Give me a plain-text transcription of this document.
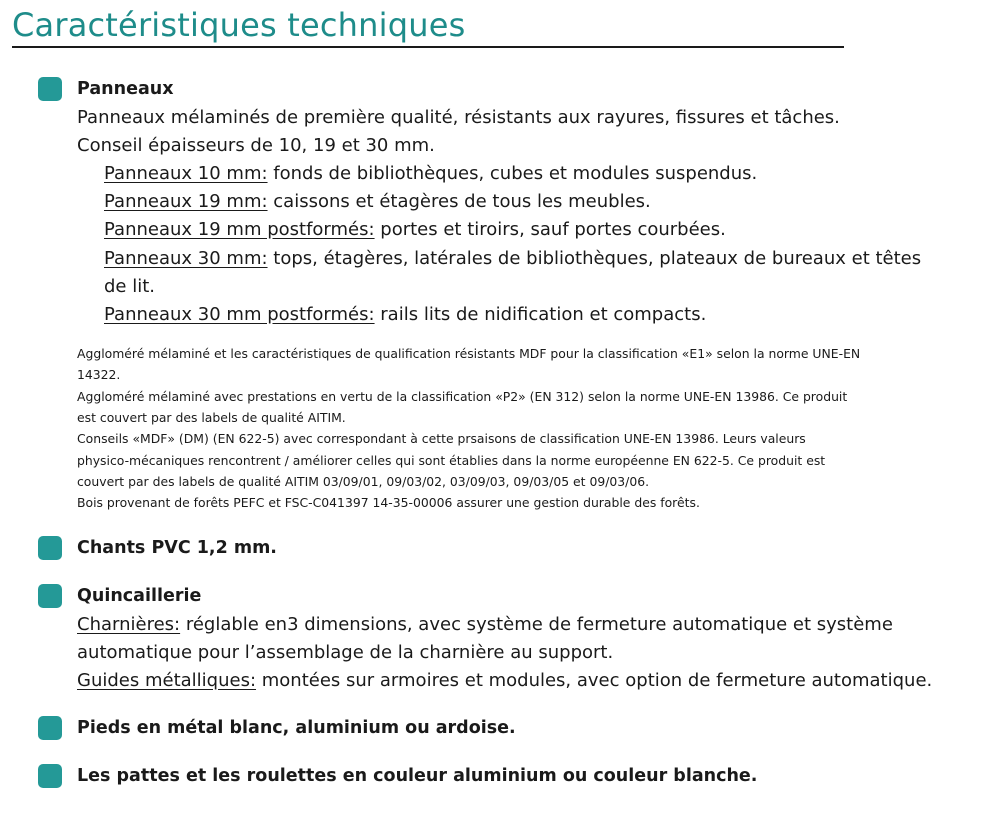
Caractéristiques techniques
Panneaux
Panneaux mélaminés de première qualité, résistants aux rayures, fissures et tâches.
Conseil épaisseurs de 10, 19 et 30 mm.
Panneaux 10 mm: fonds de bibliothèques, cubes et modules suspendus.
Panneaux 19 mm: caissons et étagères de tous les meubles.
Panneaux 19 mm postformés: portes et tiroirs, sauf portes courbées.
Panneaux 30 mm: tops, étagères, latérales de bibliothèques, plateaux de bureaux et têtes
de lit.
Panneaux 30 mm postformés: rails lits de nidification et compacts.
Aggloméré mélaminé et les caractéristiques de qualification résistants MDF pour la classification «E1» selon la norme UNE-EN
14322.
Aggloméré mélaminé avec prestations en vertu de la classification «P2» (EN 312) selon la norme UNE-EN 13986. Ce produit
est couvert par des labels de qualité AITIM.
Conseils «MDF» (DM) (EN 622-5) avec correspondant à cette prsaisons de classification UNE-EN 13986. Leurs valeurs
physico-mécaniques rencontrent / améliorer celles qui sont établies dans la norme européenne EN 622-5. Ce produit est
couvert par des labels de qualité AITIM 03/09/01, 09/03/02, 03/09/03, 09/03/05 et 09/03/06.
Bois provenant de forêts PEFC et FSC-C041397 14-35-00006 assurer une gestion durable des forêts.
Chants PVC 1,2 mm.
Quincaillerie
Charnières: réglable en3 dimensions, avec système de fermeture automatique et système
automatique pour l’assemblage de la charnière au support.
Guides métalliques: montées sur armoires et modules, avec option de fermeture automatique.
Pieds en métal blanc, aluminium ou ardoise.
Les pattes et les roulettes en couleur aluminium ou couleur blanche.
